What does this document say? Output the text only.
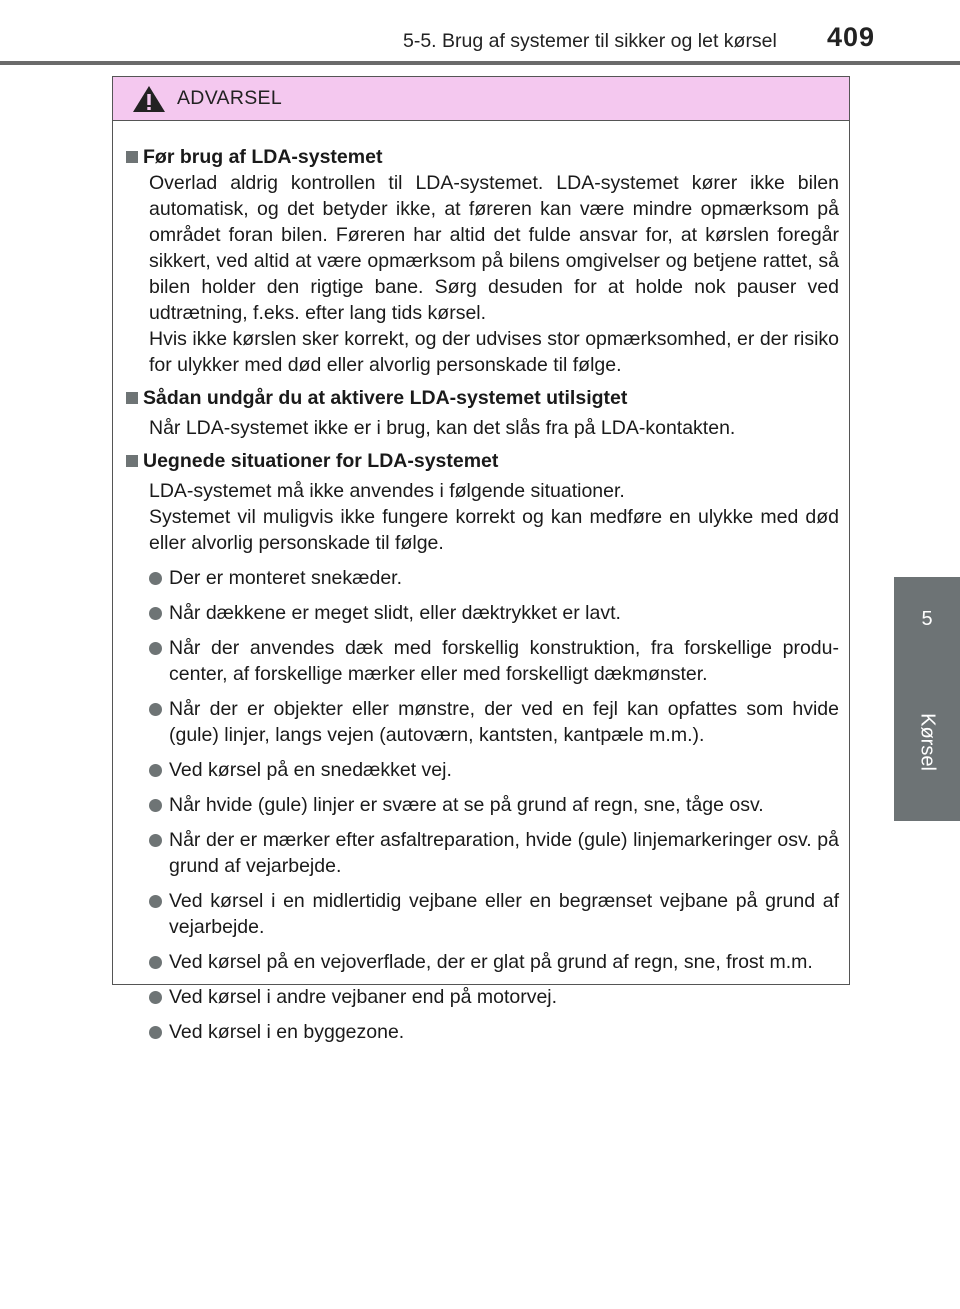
5-5. Brug af systemer til sikker og let kørsel 409
5
Kørsel
ADVARSEL
Før brug af LDA-systemet
Overlad aldrig kontrollen til LDA-systemet. LDA-systemet kører ikke bilen automatisk, og det betyder ikke, at føreren kan være mindre opmærksom på området foran bilen. Føreren har altid det fulde ansvar for, at kørslen foregår sikkert, ved altid at være opmærksom på bilens omgivelser og betjene rattet, så bilen holder den rigtige bane. Sørg desuden for at holde nok pauser ved udtrætning, f.eks. efter lang tids kørsel.
Hvis ikke kørslen sker korrekt, og der udvises stor opmærksomhed, er der risiko for ulykker med død eller alvorlig personskade til følge.
Sådan undgår du at aktivere LDA-systemet utilsigtet
Når LDA-systemet ikke er i brug, kan det slås fra på LDA-kontakten.
Uegnede situationer for LDA-systemet
LDA-systemet må ikke anvendes i følgende situationer.
Systemet vil muligvis ikke fungere korrekt og kan medføre en ulykke med død eller alvorlig personskade til følge.
Der er monteret snekæder.
Når dækkene er meget slidt, eller dæktrykket er lavt.
Når der anvendes dæk med forskellig konstruktion, fra forskellige produ-center, af forskellige mærker eller med forskelligt dækmønster.
Når der er objekter eller mønstre, der ved en fejl kan opfattes som hvide (gule) linjer, langs vejen (autoværn, kantsten, kantpæle m.m.).
Ved kørsel på en snedækket vej.
Når hvide (gule) linjer er svære at se på grund af regn, sne, tåge osv.
Når der er mærker efter asfaltreparation, hvide (gule) linjemarkeringer osv. på grund af vejarbejde.
Ved kørsel i en midlertidig vejbane eller en begrænset vejbane på grund af vejarbejde.
Ved kørsel på en vejoverflade, der er glat på grund af regn, sne, frost m.m.
Ved kørsel i andre vejbaner end på motorvej.
Ved kørsel i en byggezone.
